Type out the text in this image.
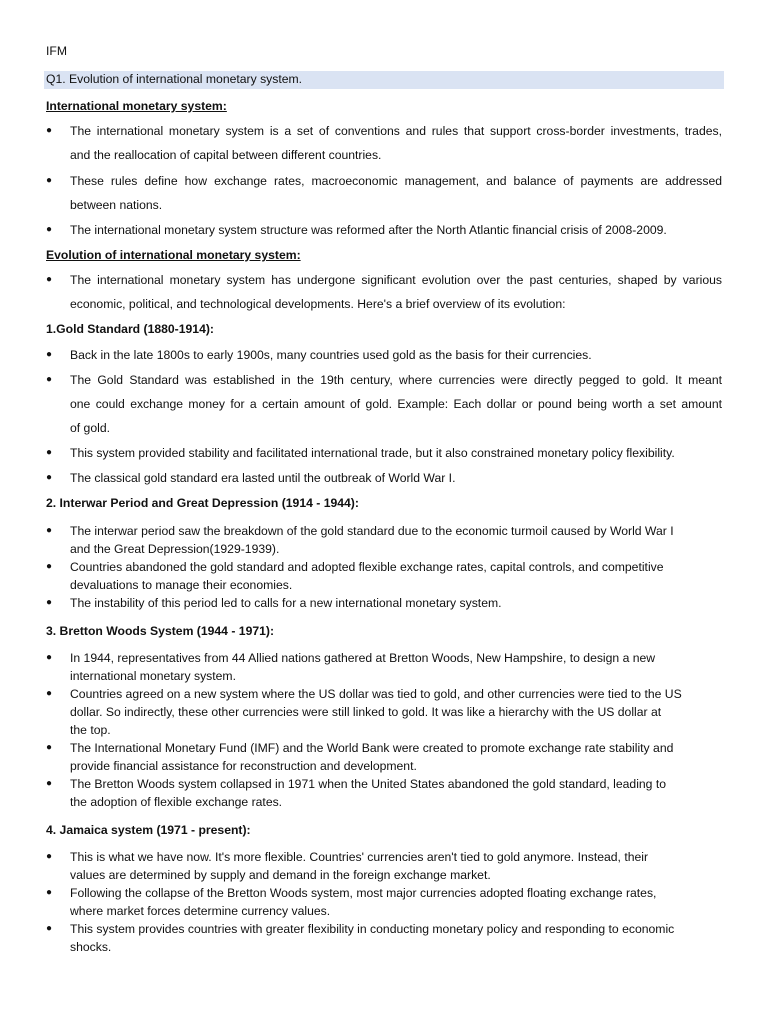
IFM

Q1. Evolution of international monetary system.

International monetary system:

●	The international monetary system is a set of conventions and rules that support cross-border investments, trades,

and the reallocation of capital between different countries.

●	These rules define how exchange rates, macroeconomic management, and balance of payments are addressed

between nations.

●	The international monetary system structure was reformed after the North Atlantic financial crisis of 2008-2009.

Evolution of international monetary system:

●	The international monetary system has undergone significant evolution over the past centuries, shaped by various

economic, political, and technological developments. Here's a brief overview of its evolution:

1.Gold Standard (1880-1914):

●	Back in the late 1800s to early 1900s, many countries used gold as the basis for their currencies.

●	The Gold Standard was established in the 19th century, where currencies were directly pegged to gold. It meant

one could exchange money for a certain amount of gold. Example: Each dollar or pound being worth a set amount

of gold.

●	This system provided stability and facilitated international trade, but it also constrained monetary policy flexibility.

●	The classical gold standard era lasted until the outbreak of World War I.

2. Interwar Period and Great Depression (1914 - 1944):

●	The interwar period saw the breakdown of the gold standard due to the economic turmoil caused by World War I

and the Great Depression(1929-1939).

●	Countries abandoned the gold standard and adopted flexible exchange rates, capital controls, and competitive

devaluations to manage their economies.

●	The instability of this period led to calls for a new international monetary system.

3. Bretton Woods System (1944 - 1971):

●	In 1944, representatives from 44 Allied nations gathered at Bretton Woods, New Hampshire, to design a new

international monetary system.

●	Countries agreed on a new system where the US dollar was tied to gold, and other currencies were tied to the US

dollar. So indirectly, these other currencies were still linked to gold. It was like a hierarchy with the US dollar at

the top.

●	The International Monetary Fund (IMF) and the World Bank were created to promote exchange rate stability and

provide financial assistance for reconstruction and development.

●	The Bretton Woods system collapsed in 1971 when the United States abandoned the gold standard, leading to

the adoption of flexible exchange rates.

4. Jamaica system (1971 - present):

●	This is what we have now. It's more flexible. Countries' currencies aren't tied to gold anymore. Instead, their

values are determined by supply and demand in the foreign exchange market.

●	Following the collapse of the Bretton Woods system, most major currencies adopted floating exchange rates,

where market forces determine currency values.

●	This system provides countries with greater flexibility in conducting monetary policy and responding to economic

shocks.
